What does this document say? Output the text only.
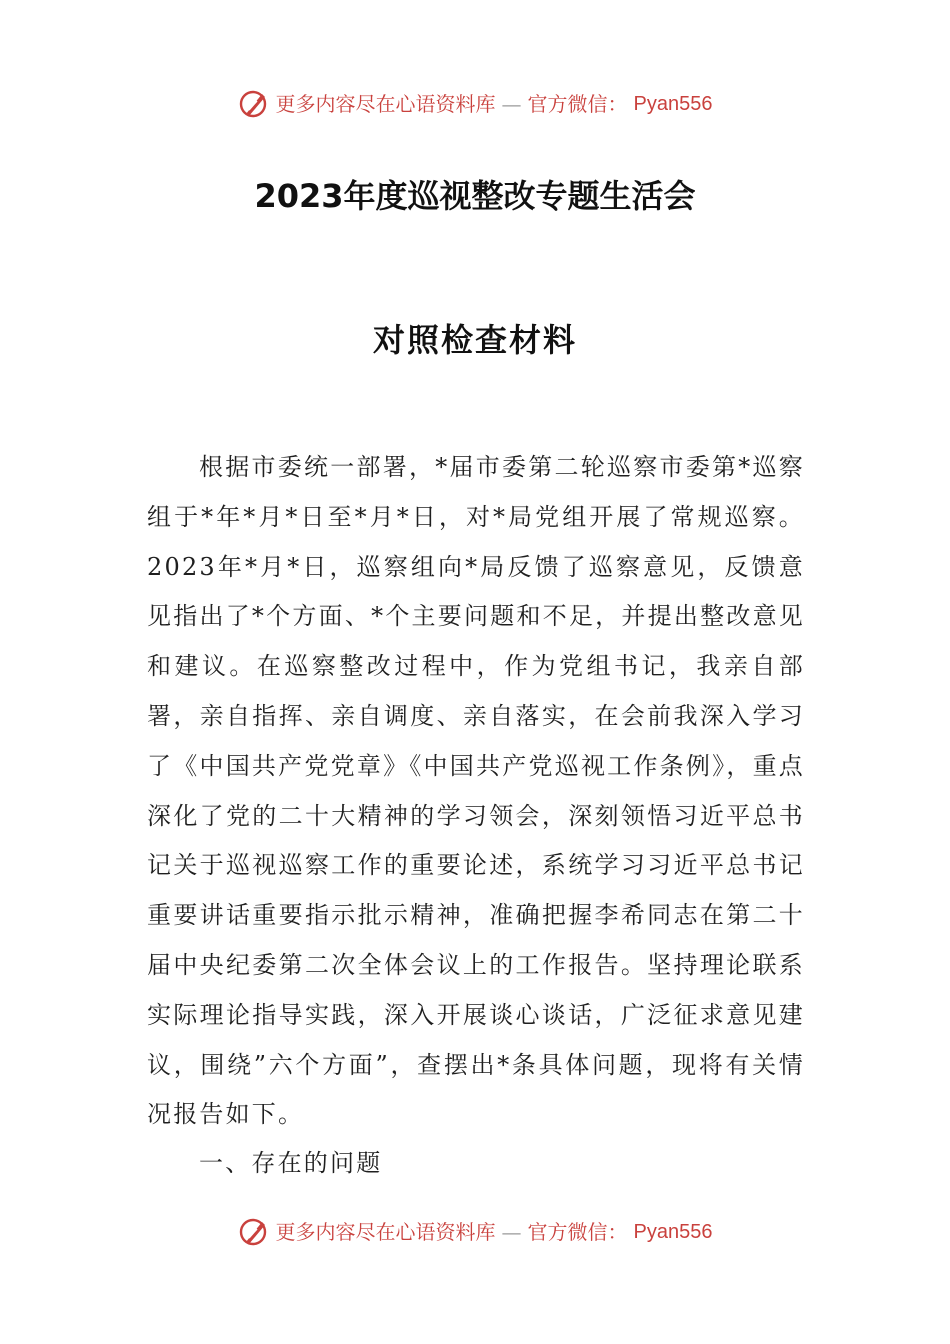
更多内容尽在心语资料库 — 官方微信： Pyan556
2023年度巡视整改专题生活会
对照检查材料

根据市委统一部署，*届市委第二轮巡察市委第*巡察组于*年*月*日至*月*日，对*局党组开展了常规巡察。2023年*月*日，巡察组向*局反馈了巡察意见，反馈意见指出了*个方面、*个主要问题和不足，并提出整改意见和建议。在巡察整改过程中，作为党组书记，我亲自部署，亲自指挥、亲自调度、亲自落实，在会前我深入学习了《中国共产党党章》《中国共产党巡视工作条例》，重点深化了党的二十大精神的学习领会，深刻领悟习近平总书记关于巡视巡察工作的重要论述，系统学习习近平总书记重要讲话重要指示批示精神，准确把握李希同志在第二十届中央纪委第二次全体会议上的工作报告。坚持理论联系实际理论指导实践，深入开展谈心谈话，广泛征求意见建议，围绕”六个方面”，查摆出*条具体问题，现将有关情况报告如下。

一、存在的问题
更多内容尽在心语资料库 — 官方微信： Pyan556
